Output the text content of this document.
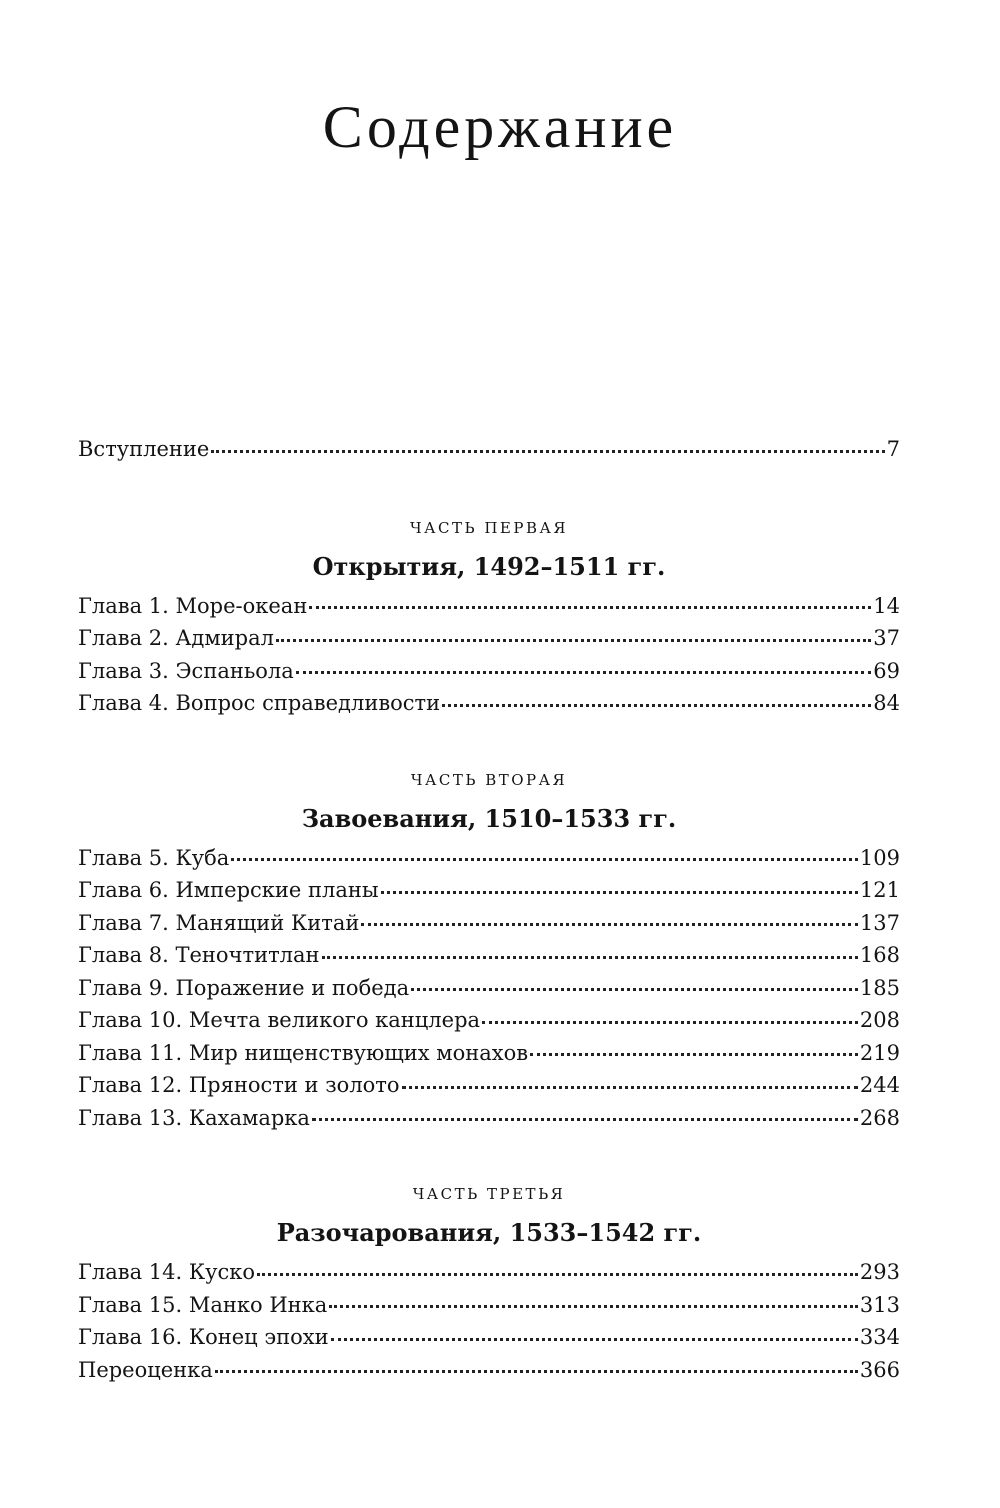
Содержание
Вступление	7
ЧАСТЬ ПЕРВАЯ
Открытия, 1492–1511 гг.
Глава 1. Море-океан	14
Глава 2. Адмирал	37
Глава 3. Эспаньола	69
Глава 4. Вопрос справедливости	84
ЧАСТЬ ВТОРАЯ
Завоевания, 1510–1533 гг.
Глава 5. Куба	109
Глава 6. Имперские планы	121
Глава 7. Манящий Китай	137
Глава 8. Теночтитлан	168
Глава 9. Поражение и победа	185
Глава 10. Мечта великого канцлера	208
Глава 11. Мир нищенствующих монахов	219
Глава 12. Пряности и золото	244
Глава 13. Кахамарка	268
ЧАСТЬ ТРЕТЬЯ
Разочарования, 1533–1542 гг.
Глава 14. Куско	293
Глава 15. Манко Инка	313
Глава 16. Конец эпохи	334
Переоценка	366
